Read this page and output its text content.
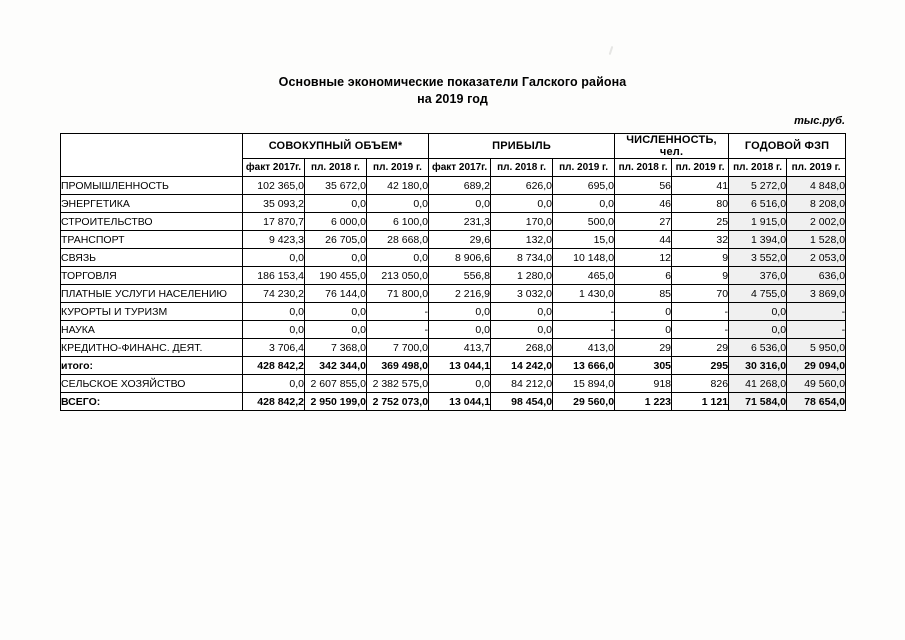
Основные экономические показатели Галского района
на 2019 год
тыс.руб.
	СОВОКУПНЫЙ ОБЪЕМ*			ПРИБЫЛЬ			ЧИСЛЕННОСТЬ, чел.		ГОДОВОЙ ФЗП	
	факт 2017г.	пл. 2018 г.	пл. 2019 г.	факт 2017г.	пл. 2018 г.	пл. 2019 г.	пл. 2018 г.	пл. 2019 г.	пл. 2018 г.	пл. 2019 г.
ПРОМЫШЛЕННОСТЬ	102 365,0	35 672,0	42 180,0	689,2	626,0	695,0	56	41	5 272,0	4 848,0
ЭНЕРГЕТИКА	35 093,2	0,0	0,0	0,0	0,0	0,0	46	80	6 516,0	8 208,0
СТРОИТЕЛЬСТВО	17 870,7	6 000,0	6 100,0	231,3	170,0	500,0	27	25	1 915,0	2 002,0
ТРАНСПОРТ	9 423,3	26 705,0	28 668,0	29,6	132,0	15,0	44	32	1 394,0	1 528,0
СВЯЗЬ	0,0	0,0	0,0	8 906,6	8 734,0	10 148,0	12	9	3 552,0	2 053,0
ТОРГОВЛЯ	186 153,4	190 455,0	213 050,0	556,8	1 280,0	465,0	6	9	376,0	636,0
ПЛАТНЫЕ УСЛУГИ НАСЕЛЕНИЮ	74 230,2	76 144,0	71 800,0	2 216,9	3 032,0	1 430,0	85	70	4 755,0	3 869,0
КУРОРТЫ И ТУРИЗМ	0,0	0,0	-	0,0	0,0	-	0	-	0,0	-
НАУКА	0,0	0,0	-	0,0	0,0	-	0	-	0,0	-
КРЕДИТНО-ФИНАНС. ДЕЯТ.	3 706,4	7 368,0	7 700,0	413,7	268,0	413,0	29	29	6 536,0	5 950,0
итого:	428 842,2	342 344,0	369 498,0	13 044,1	14 242,0	13 666,0	305	295	30 316,0	29 094,0
СЕЛЬСКОЕ ХОЗЯЙСТВО	0,0	2 607 855,0	2 382 575,0	0,0	84 212,0	15 894,0	918	826	41 268,0	49 560,0
ВСЕГО:	428 842,2	2 950 199,0	2 752 073,0	13 044,1	98 454,0	29 560,0	1 223	1 121	71 584,0	78 654,0
